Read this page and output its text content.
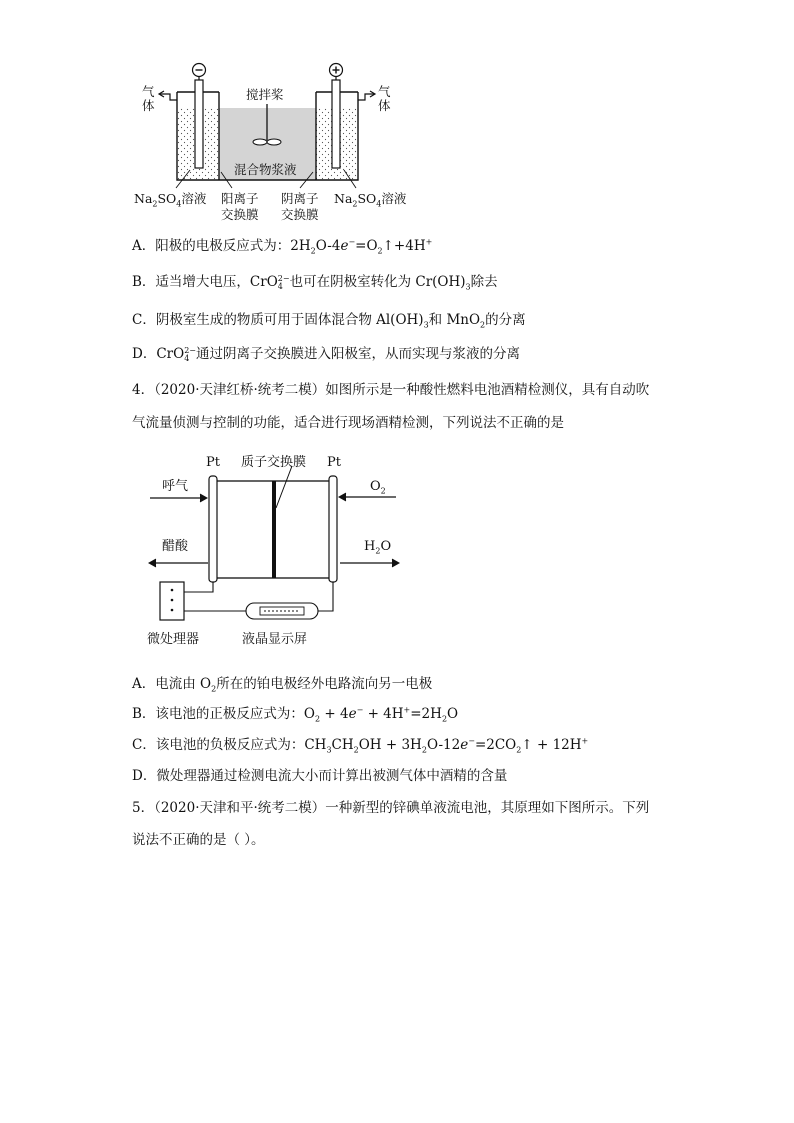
气
体
气
体
搅拌桨
混合物浆液
$Na_2SO_4$溶液	$Na_2SO_4$溶液
阳离子
交换膜
阴离子
交换膜
A．阳极的电极反应式为：$2H_2O-4e^-=O_2↑+4H^+$
B．适当增大电压，CrO 2−
4 也可在阴极室转化为 $Cr(OH)_3$除去
C．阴极室生成的物质可用于固体混合物 $Al(OH)_3$和 MnO$_2$的分离
D．CrO 2−
4 通过阴离子交换膜进入阳极室，从而实现与浆液的分离
4．（2020·天津红桥·统考二模）如图所示是一种酸性燃料电池酒精检测仪，具有自动吹
气流量侦测与控制的功能，适合进行现场酒精检测，下列说法不正确的是
Pt 质子交换膜 Pt
呼气
醋酸
$O_2$
$H_2O$
微处理器	液晶显示屏
A．电流由 $O_2$所在的铂电极经外电路流向另一电极
B．该电池的正极反应式为：$O_2 + 4e^- + 4H^+=2H_2O$
C．该电池的负极反应式为：$CH_3CH_2OH$ + $3H_2O-12e^-=2CO_2↑ + 12H^+$
D．微处理器通过检测电流大小而计算出被测气体中酒精的含量
5．（2020·天津和平·统考二模）一种新型的锌碘单液流电池，其原理如下图所示。下列
说法不正确的是（ ）。
